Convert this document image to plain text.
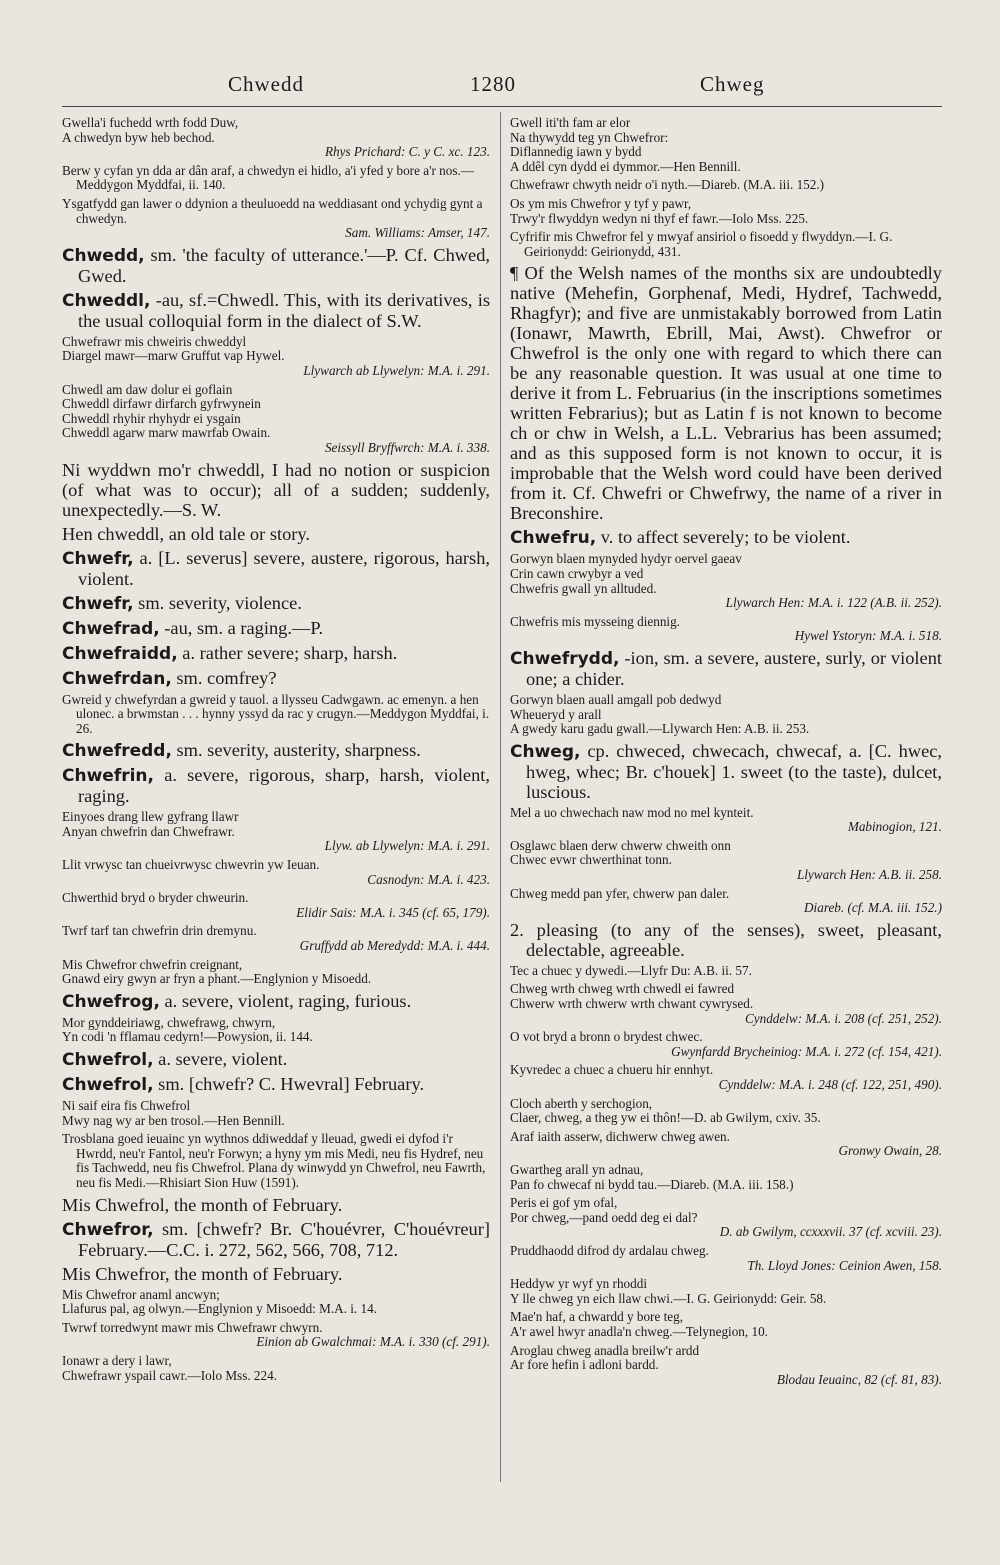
Chwedd	1280	Chweg
Gwella'i fuchedd wrth fodd Duw,
A chwedyn byw heb bechod.
Rhys Prichard: C. y C. xc. 123.
Berw y cyfan yn dda ar dân araf, a chwedyn ei hidlo, a'i yfed y bore a'r nos.—Meddygon Myddfai, ii. 140.
Ysgatfydd gan lawer o ddynion a theuluoedd na weddiasant ond ychydig gynt a chwedyn.
Sam. Williams: Amser, 147.

Chwedd, sm. 'the faculty of utterance.'—P. Cf. Chwed, Gwed.

Chweddl, -au, sf.=Chwedl. This, with its derivatives, is the usual colloquial form in the dialect of S.W.

Chwefrawr mis chweiris chweddyl
Diargel mawr—marw Gruffut vap Hywel.
Llywarch ab Llywelyn: M.A. i. 291.
Chwedl am daw dolur ei goflain
Chweddl dirfawr dirfarch gyfrwynein
Chweddl rhyhir rhyhydr ei ysgain
Chweddl agarw marw mawrfab Owain.
Seissyll Bryffwrch: M.A. i. 338.

Ni wyddwn mo'r chweddl, I had no notion or suspicion (of what was to occur); all of a sudden; suddenly, unexpectedly.—S. W.

Hen chweddl, an old tale or story.

Chwefr, a. [L. severus] severe, austere, rigorous, harsh, violent.

Chwefr, sm. severity, violence.

Chwefrad, -au, sm. a raging.—P.

Chwefraidd, a. rather severe; sharp, harsh.

Chwefrdan, sm. comfrey?

Gwreid y chwefyrdan a gwreid y tauol. a llysseu Cadwgawn. ac emenyn. a hen ulonec. a brwmstan . . . hynny yssyd da rac y crugyn.—Meddygon Myddfai, i. 26.

Chwefredd, sm. severity, austerity, sharpness.

Chwefrin, a. severe, rigorous, sharp, harsh, violent, raging.

Einyoes drang llew gyfrang llawr
Anyan chwefrin dan Chwefrawr.
Llyw. ab Llywelyn: M.A. i. 291.
Llit vrwysc tan chueivrwysc chwevrin yw Ieuan.
Casnodyn: M.A. i. 423.
Chwerthid bryd o bryder chweurin.
Elidir Sais: M.A. i. 345 (cf. 65, 179).
Twrf tarf tan chwefrin drin dremynu.
Gruffydd ab Meredydd: M.A. i. 444.
Mis Chwefror chwefrin creignant,
Gnawd eiry gwyn ar fryn a phant.—Englynion y Misoedd.

Chwefrog, a. severe, violent, raging, furious.

Mor gynddeiriawg, chwefrawg, chwyrn,
Yn codi 'n fflamau cedyrn!—Powysion, ii. 144.

Chwefrol, a. severe, violent.

Chwefrol, sm. [chwefr? C. Hwevral] February.

Ni saif eira fis Chwefrol
Mwy nag wy ar ben trosol.—Hen Bennill.
Trosblana goed ieuainc yn wythnos ddiweddaf y lleuad, gwedi ei dyfod i'r Hwrdd, neu'r Fantol, neu'r Forwyn; a hyny ym mis Medi, neu fis Hydref, neu fis Tachwedd, neu fis Chwefrol. Plana dy winwydd yn Chwefrol, neu Fawrth, neu fis Medi.—Rhisiart Sion Huw (1591).

Mis Chwefrol, the month of February.

Chwefror, sm. [chwefr? Br. C'houévrer, C'houévreur] February.—C.C. i. 272, 562, 566, 708, 712.

Mis Chwefror, the month of February.

Mis Chwefror anaml ancwyn;
Llafurus pal, ag olwyn.—Englynion y Misoedd: M.A. i. 14.
Twrwf torredwynt mawr mis Chwefrawr chwyrn.
Einion ab Gwalchmai: M.A. i. 330 (cf. 291).
Ionawr a dery i lawr,
Chwefrawr yspail cawr.—Iolo Mss. 224.
Gwell iti'th fam ar elor
Na thywydd teg yn Chwefror:
Diflannedig iawn y bydd
A ddêl cyn dydd ei dymmor.—Hen Bennill.
Chwefrawr chwyth neidr o'i nyth.—Diareb. (M.A. iii. 152.)
Os ym mis Chwefror y tyf y pawr,
Trwy'r flwyddyn wedyn ni thyf ef fawr.—Iolo Mss. 225.
Cyfrifir mis Chwefror fel y mwyaf ansiriol o fisoedd y flwyddyn.—I. G. Geirionydd: Geirionydd, 431.

¶ Of the Welsh names of the months six are undoubtedly native (Mehefin, Gorphenaf, Medi, Hydref, Tachwedd, Rhagfyr); and five are unmistakably borrowed from Latin (Ionawr, Mawrth, Ebrill, Mai, Awst). Chwefror or Chwefrol is the only one with regard to which there can be any reasonable question. It was usual at one time to derive it from L. Februarius (in the inscriptions sometimes written Febrarius); but as Latin f is not known to become ch or chw in Welsh, a L.L. Vebrarius has been assumed; and as this supposed form is not known to occur, it is improbable that the Welsh word could have been derived from it. Cf. Chwefri or Chwefrwy, the name of a river in Breconshire.

Chwefru, v. to affect severely; to be violent.

Gorwyn blaen mynyded hydyr oervel gaeav
Crin cawn crwybyr a ved
Chwefris gwall yn alltuded.
Llywarch Hen: M.A. i. 122 (A.B. ii. 252).
Chwefris mis mysseing diennig.
Hywel Ystoryn: M.A. i. 518.

Chwefrydd, -ion, sm. a severe, austere, surly, or violent one; a chider.

Gorwyn blaen auall amgall pob dedwyd
Wheueryd y arall
A gwedy karu gadu gwall.—Llywarch Hen: A.B. ii. 253.

Chweg, cp. chweced, chwecach, chwecaf, a. [C. hwec, hweg, whec; Br. c'houek] 1. sweet (to the taste), dulcet, luscious.

Mel a uo chwechach naw mod no mel kynteit.
Mabinogion, 121.
Osglawc blaen derw chwerw chweith onn
Chwec evwr chwerthinat tonn.
Llywarch Hen: A.B. ii. 258.
Chweg medd pan yfer, chwerw pan daler.
Diareb. (cf. M.A. iii. 152.)

2. pleasing (to any of the senses), sweet, pleasant, delectable, agreeable.

Tec a chuec y dywedi.—Llyfr Du: A.B. ii. 57.
Chweg wrth chweg wrth chwedl ei fawred
Chwerw wrth chwerw wrth chwant cywrysed.
Cynddelw: M.A. i. 208 (cf. 251, 252).
O vot bryd a bronn o brydest chwec.
Gwynfardd Brycheiniog: M.A. i. 272 (cf. 154, 421).
Kyvredec a chuec a chueru hir ennhyt.
Cynddelw: M.A. i. 248 (cf. 122, 251, 490).
Cloch aberth y serchogion,
Claer, chweg, a theg yw ei thôn!—D. ab Gwilym, cxiv. 35.
Araf iaith asserw, dichwerw chweg awen.
Gronwy Owain, 28.
Gwartheg arall yn adnau,
Pan fo chwecaf ni bydd tau.—Diareb. (M.A. iii. 158.)
Peris ei gof ym ofal,
Por chweg,—pand oedd deg ei dal?
D. ab Gwilym, ccxxxvii. 37 (cf. xcviii. 23).
Pruddhaodd difrod dy ardalau chweg.
Th. Lloyd Jones: Ceinion Awen, 158.
Heddyw yr wyf yn rhoddi
Y lle chweg yn eich llaw chwi.—I. G. Geirionydd: Geir. 58.
Mae'n haf, a chwardd y bore teg,
A'r awel hwyr anadla'n chweg.—Telynegion, 10.
Aroglau chweg anadla breilw'r ardd
Ar fore hefin i adloni bardd.
Blodau Ieuainc, 82 (cf. 81, 83).
